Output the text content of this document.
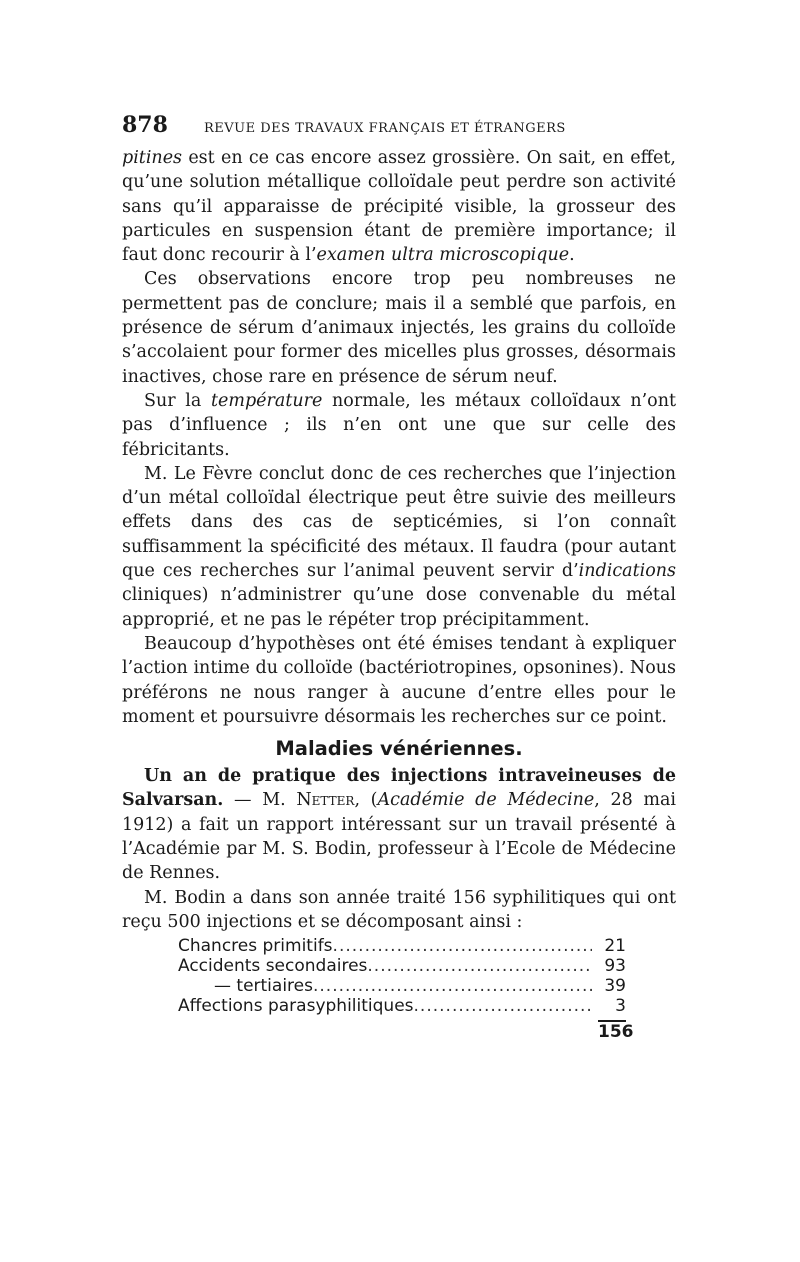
878	REVUE DES TRAVAUX FRANÇAIS ET ÉTRANGERS

pitines est en ce cas encore assez grossière. On sait, en effet, qu’une solution métallique colloïdale peut perdre son activité sans qu’il apparaisse de précipité visible, la grosseur des particules en suspension étant de première importance; il faut donc recourir à l’examen ultra microscopique.

Ces observations encore trop peu nombreuses ne permettent pas de conclure; mais il a semblé que parfois, en présence de sérum d’animaux injectés, les grains du colloïde s’accolaient pour former des micelles plus grosses, désormais inactives, chose rare en présence de sérum neuf.

Sur la température normale, les métaux colloïdaux n’ont pas d’influence ; ils n’en ont une que sur celle des fébricitants.

M. Le Fèvre conclut donc de ces recherches que l’injection d’un métal colloïdal électrique peut être suivie des meilleurs effets dans des cas de septicémies, si l’on connaît suffisamment la spécificité des métaux. Il faudra (pour autant que ces recherches sur l’animal peuvent servir d’indications cliniques) n’administrer qu’une dose convenable du métal approprié, et ne pas le répéter trop précipitamment.

Beaucoup d’hypothèses ont été émises tendant à expliquer l’action intime du colloïde (bactériotropines, opsonines). Nous préférons ne nous ranger à aucune d’entre elles pour le moment et poursuivre désormais les recherches sur ce point.

Maladies vénériennes.

Un an de pratique des injections intraveineuses de Salvarsan. — M. Netter, (Académie de Médecine, 28 mai 1912) a fait un rapport intéressant sur un travail présenté à l’Académie par M. S. Bodin, professeur à l’Ecole de Médecine de Rennes.

M. Bodin a dans son année traité 156 syphilitiques qui ont reçu 500 injections et se décomposant ainsi :

Chancres primitifs .....	21
Accidents secondaires .....	93
— tertiaires .....	39
Affections parasyphilitiques .....	3
156
